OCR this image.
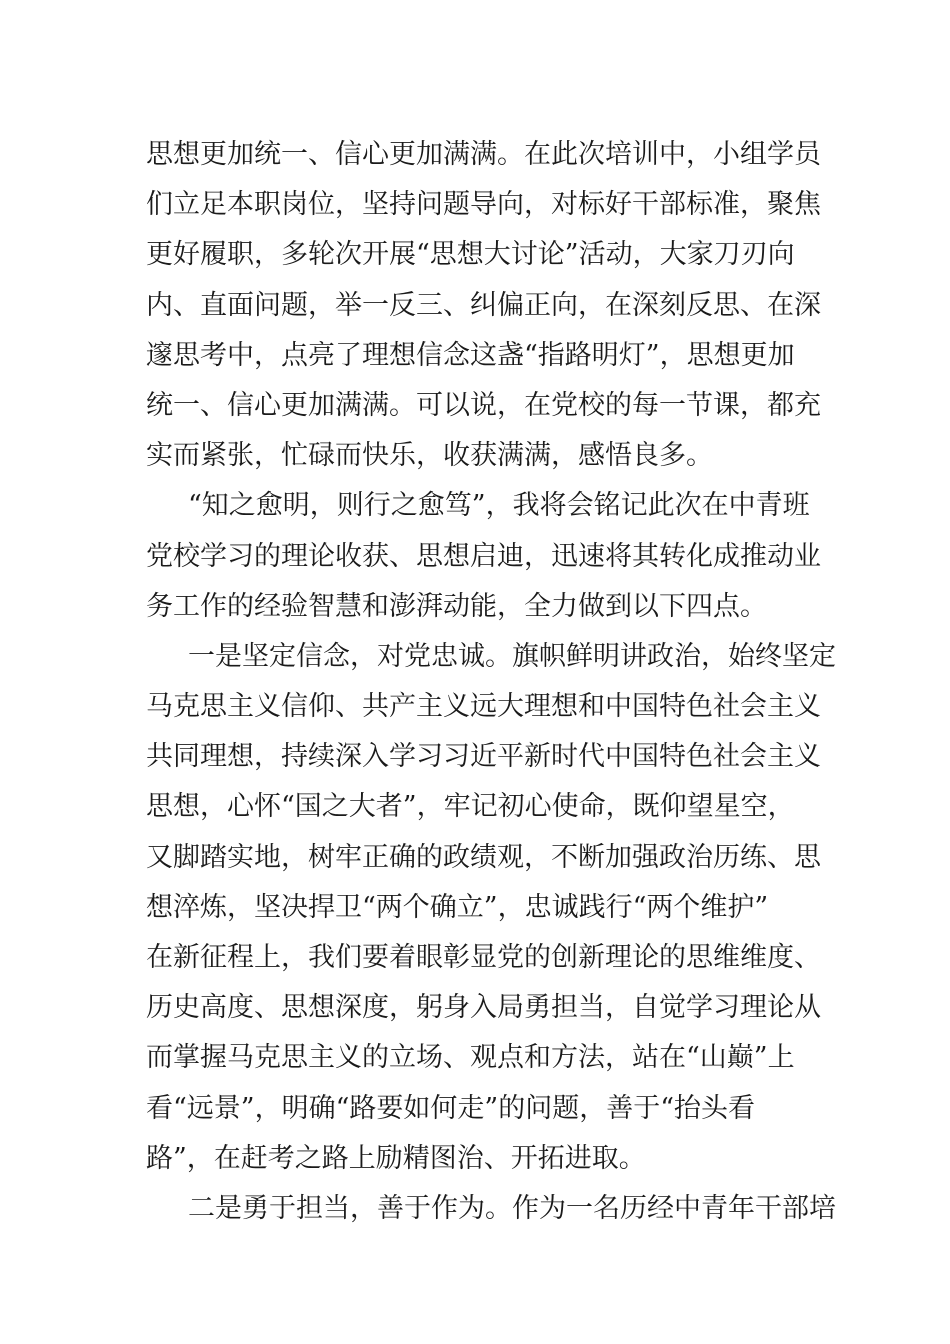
思想更加统一、信心更加满满。在此次培训中，小组学员
们立足本职岗位，坚持问题导向，对标好干部标准，聚焦
更好履职，多轮次开展“思想大讨论”活动，大家刀刃向
内、直面问题，举一反三、纠偏正向，在深刻反思、在深
邃思考中，点亮了理想信念这盏“指路明灯”，思想更加
统一、信心更加满满。可以说，在党校的每一节课，都充
实而紧张，忙碌而快乐，收获满满，感悟良多。
“知之愈明，则行之愈笃”，我将会铭记此次在中青班
党校学习的理论收获、思想启迪，迅速将其转化成推动业
务工作的经验智慧和澎湃动能，全力做到以下四点。
一是坚定信念，对党忠诚。旗帜鲜明讲政治，始终坚定
马克思主义信仰、共产主义远大理想和中国特色社会主义
共同理想，持续深入学习习近平新时代中国特色社会主义
思想，心怀“国之大者”，牢记初心使命，既仰望星空，
又脚踏实地，树牢正确的政绩观，不断加强政治历练、思
想淬炼，坚决捍卫“两个确立”，忠诚践行“两个维护”
在新征程上，我们要着眼彰显党的创新理论的思维维度、
历史高度、思想深度，躬身入局勇担当，自觉学习理论从
而掌握马克思主义的立场、观点和方法，站在“山巅”上
看“远景”，明确“路要如何走”的问题，善于“抬头看
路”，在赶考之路上励精图治、开拓进取。
二是勇于担当，善于作为。作为一名历经中青年干部培
